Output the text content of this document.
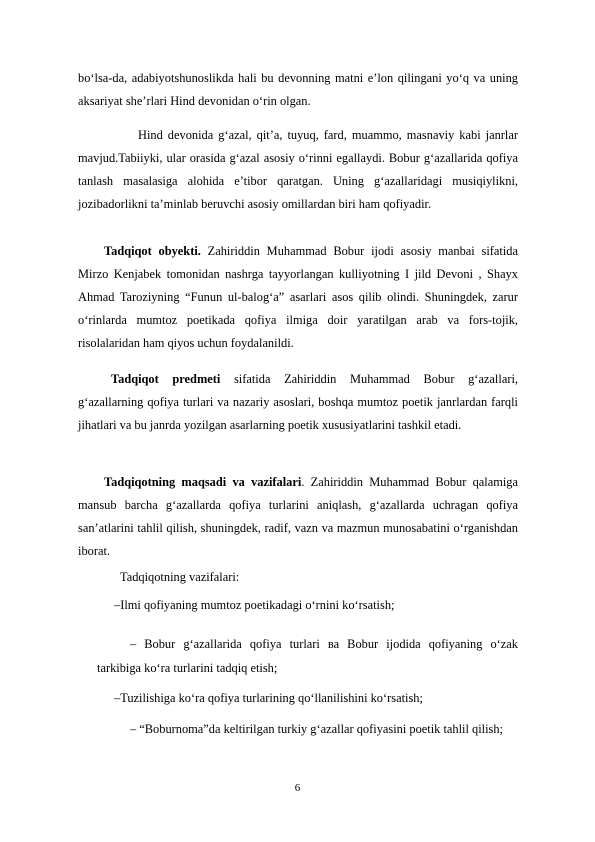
bo‘lsa-da, adabiyotshunoslikda hali bu devonning matni e’lon qilingani yo‘q va uning aksariyat she’rlari Hind devonidan o‘rin olgan.
Hind devonida g‘azal, qit’a, tuyuq, fard, muammo, masnaviy kabi janrlar mavjud.Tabiiyki, ular orasida g‘azal asosiy o‘rinni egallaydi. Bobur g‘azallarida qofiya tanlash masalasiga alohida e’tibor qaratgan. Uning g‘azallaridagi musiqiylikni, jozibadorlikni ta’minlab beruvchi asosiy omillardan biri ham qofiyadir.
Tadqiqot obyekti. Zahiriddin Muhammad Bobur ijodi asosiy manbai sifatida Mirzo Kenjabek tomonidan nashrga tayyorlangan kulliyotning I jild Devoni , Shayx Ahmad Taroziyning “Funun ul-balog‘a” asarlari asos qilib olindi. Shuningdek, zarur o‘rinlarda mumtoz poetikada qofiya ilmiga doir yaratilgan arab va fors-tojik, risolalaridan ham qiyos uchun foydalanildi.
Tadqiqot predmeti sifatida Zahiriddin Muhammad Bobur g‘azallari, g‘azallarning qofiya turlari va nazariy asoslari, boshqa mumtoz poetik janrlardan farqli jihatlari va bu janrda yozilgan asarlarning poetik xususiyatlarini tashkil etadi.
Tadqiqotning maqsadi va vazifalari. Zahiriddin Muhammad Bobur qalamiga mansub barcha g‘azallarda qofiya turlarini aniqlash, g‘azallarda uchragan qofiya san’atlarini tahlil qilish, shuningdek, radif, vazn va mazmun munosabatini o‘rganishdan iborat.
Tadqiqotning vazifalari:
–Ilmi qofiyaning mumtoz poetikadagi o‘rnini ko‘rsatish;
– Bobur g‘azallarida qofiya turlari ва Bobur ijodida qofiyaning o‘zak tarkibiga ko‘ra turlarini tadqiq etish;
–Tuzilishiga ko‘ra qofiya turlarining qo‘llanilishini ko‘rsatish;
– “Boburnoma”da keltirilgan turkiy g‘azallar qofiyasini poetik tahlil qilish;
6
